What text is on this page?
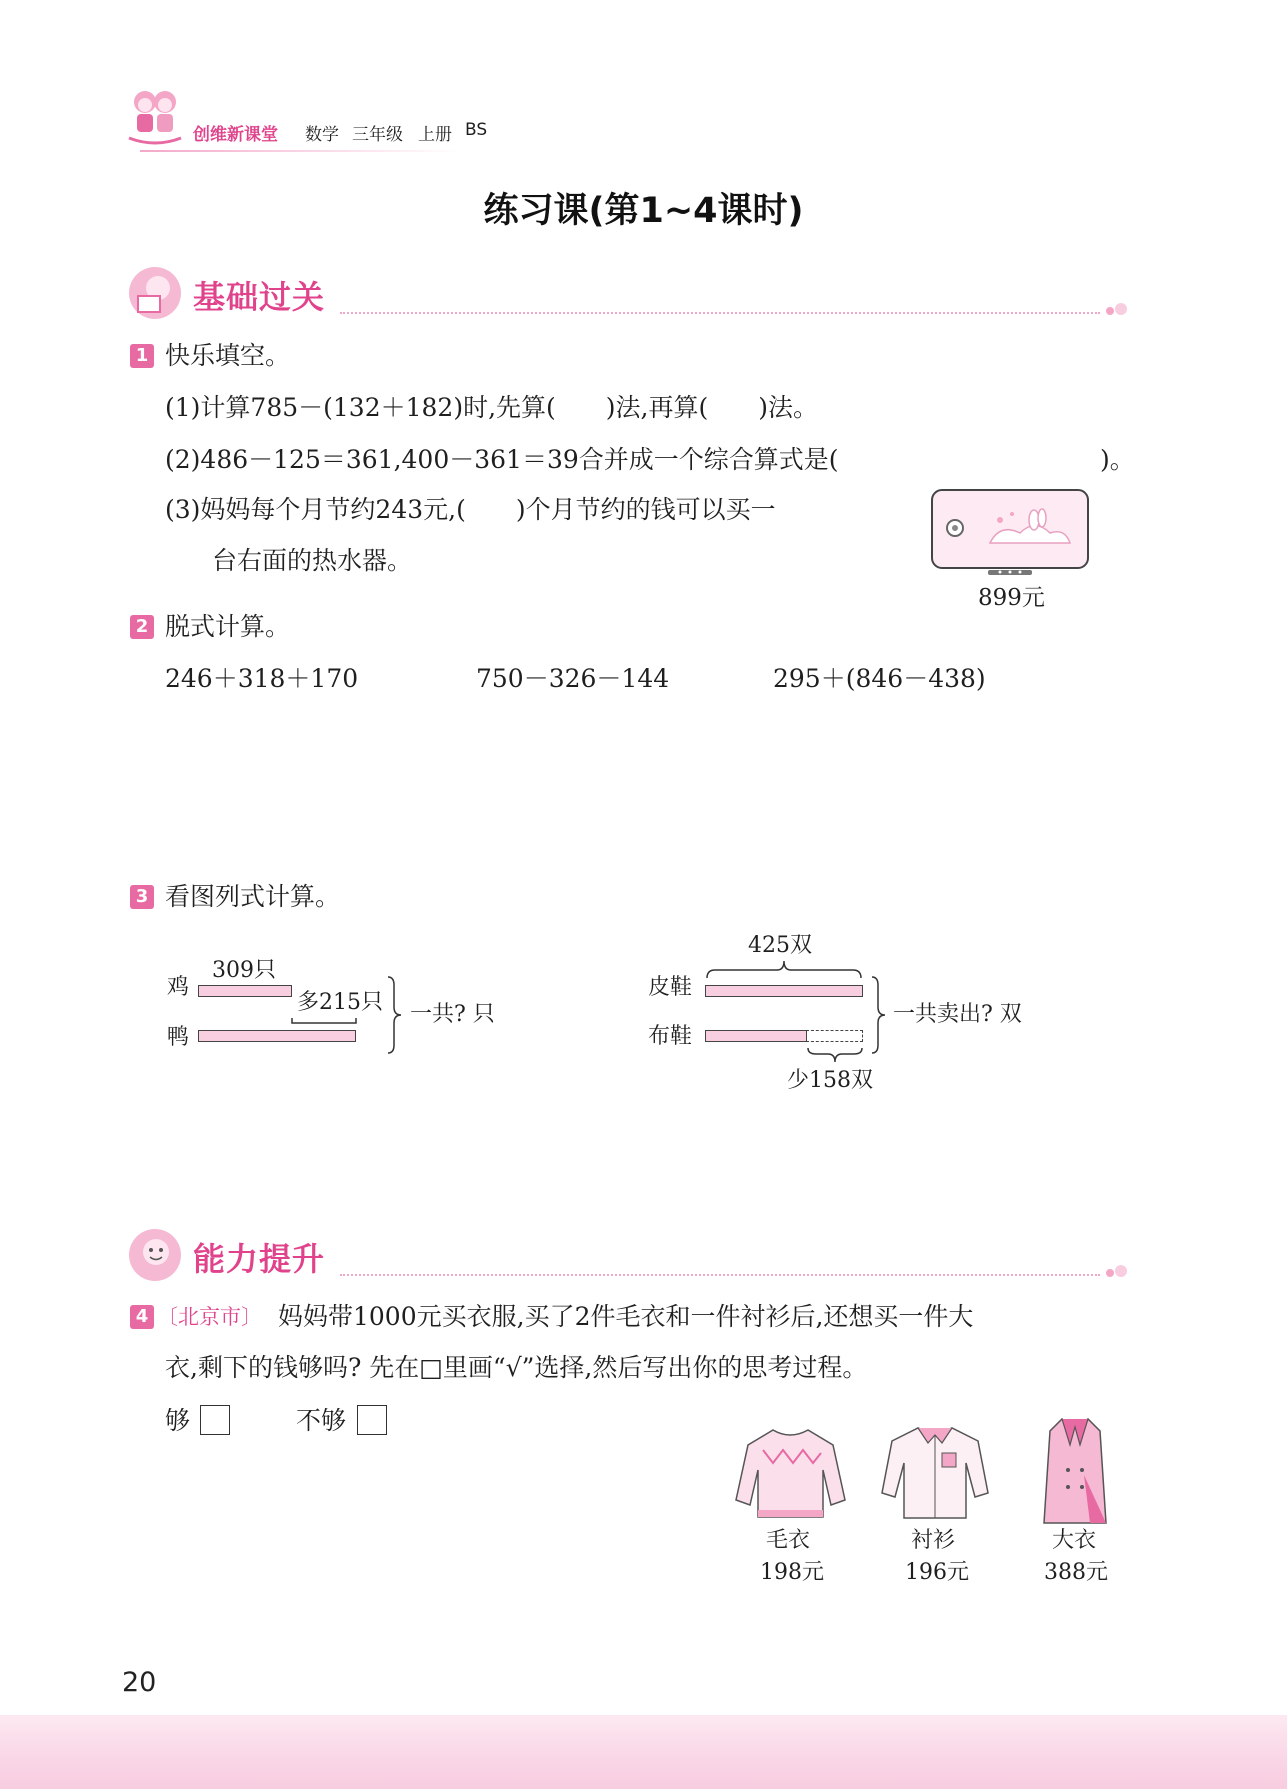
创维新课堂 数学 三年级 上册 BS
练习课(第1~4课时)
基础过关
1 快乐填空。
(1)计算785－(132＋182)时,先算(　　)法,再算(　　)法。
(2)486－125＝361,400－361＝39合并成一个综合算式是(	)。
(3)妈妈每个月节约243元,(　　)个月节约的钱可以买一
台右面的热水器。
899元
2 脱式计算。
246＋318＋170	750－326－144	295＋(846－438)
3 看图列式计算。
鸡
鸭
309只
多215只 一共? 只
425双
皮鞋
布鞋
少158双
一共卖出? 双
能力提升
4 〔北京市〕 妈妈带1000元买衣服,买了2件毛衣和一件衬衫后,还想买一件大
衣,剩下的钱够吗? 先在□里画“√”选择,然后写出你的思考过程。
够	不够
毛衣
198元
衬衫
196元
大衣
388元
20
